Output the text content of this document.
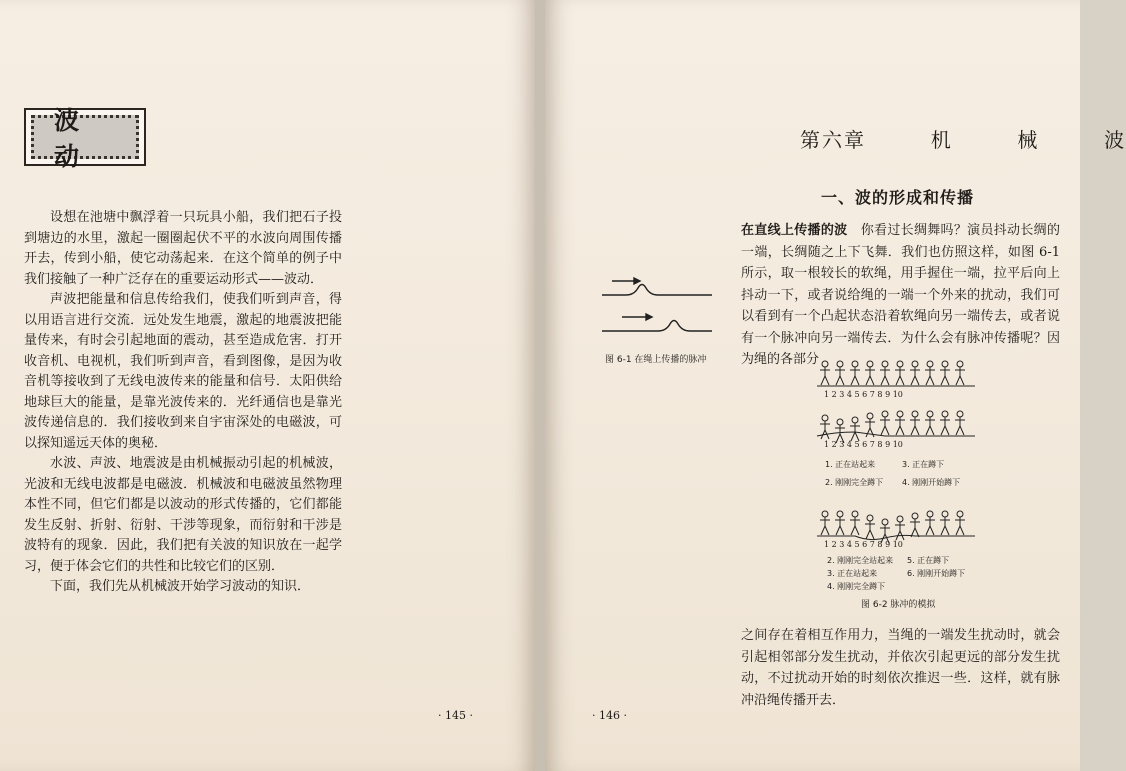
波动

设想在池塘中飘浮着一只玩具小船，我们把石子投到塘边的水里，激起一圈圈起伏不平的水波向周围传播开去，传到小船，使它动荡起来．在这个简单的例子中我们接触了一种广泛存在的重要运动形式——波动．

声波把能量和信息传给我们，使我们听到声音，得以用语言进行交流．远处发生地震，激起的地震波把能量传来，有时会引起地面的震动，甚至造成危害．打开收音机、电视机，我们听到声音，看到图像，是因为收音机等接收到了无线电波传来的能量和信号．太阳供给地球巨大的能量，是靠光波传来的．光纤通信也是靠光波传递信息的．我们接收到来自宇宙深处的电磁波，可以探知遥远天体的奥秘．

水波、声波、地震波是由机械振动引起的机械波，光波和无线电波都是电磁波．机械波和电磁波虽然物理本性不同，但它们都是以波动的形式传播的，它们都能发生反射、折射、衍射、干涉等现象，而衍射和干涉是波特有的现象．因此，我们把有关波的知识放在一起学习，便于体会它们的共性和比较它们的区别．

下面，我们先从机械波开始学习波动的知识．

· 145 ·
第六章  机  械  波
一、波的形成和传播

在直线上传播的波 你看过长绸舞吗？演员抖动长绸的一端，长绸随之上下飞舞．我们也仿照这样，如图 6-1 所示，取一根较长的软绳，用手握住一端，拉平后向上抖动一下，或者说给绳的一端一个外来的扰动，我们可以看到有一个凸起状态沿着软绳向另一端传去，或者说有一个脉冲向另一端传去．为什么会有脉冲传播呢？因为绳的各部分

图 6-1 在绳上传播的脉冲
1 2 3 4 5 6 7 8 9 10
1 2 3 4 5 6 7 8 9 10
1. 正在站起来	3. 正在蹲下
2. 刚刚完全蹲下 4. 刚刚开始蹲下
1 2 3 4 5 6 7 8 9 10
2. 刚刚完全站起来 5. 正在蹲下
3. 正在站起来	6. 刚刚开始蹲下
4. 刚刚完全蹲下
图 6-2 脉冲的模拟

之间存在着相互作用力，当绳的一端发生扰动时，就会引起相邻部分发生扰动，并依次引起更远的部分发生扰动，不过扰动开始的时刻依次推迟一些．这样，就有脉冲沿绳传播开去．

· 146 ·
